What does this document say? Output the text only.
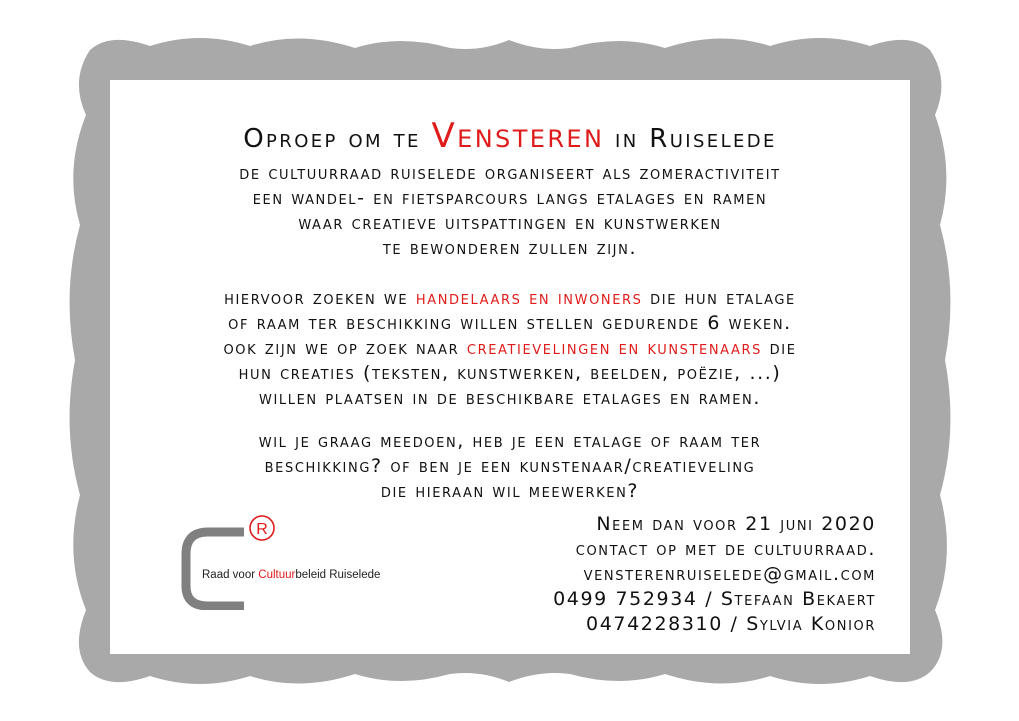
Oproep om te Vensteren in Ruiselede
de cultuurraad ruiselede organiseert als zomeractiviteit
een wandel- en fietsparcours langs etalages en ramen
waar creatieve uitspattingen en kunstwerken
te bewonderen zullen zijn.
hiervoor zoeken we handelaars en inwoners die hun etalage
of raam ter beschikking willen stellen gedurende 6 weken.
ook zijn we op zoek naar creatievelingen en kunstenaars die
hun creaties (teksten, kunstwerken, beelden, poëzie, ...)
willen plaatsen in de beschikbare etalages en ramen.
wil je graag meedoen, heb je een etalage of raam ter
beschikking? of ben je een kunstenaar/creatieveling
die hieraan wil meewerken?
Neem dan voor 21 juni 2020
contact op met de cultuurraad.
vensterenruiselede@gmail.com
0499 752934 / Stefaan Bekaert
0474228310 / Sylvia Konior
R
Raad voor Cultuurbeleid Ruiselede
